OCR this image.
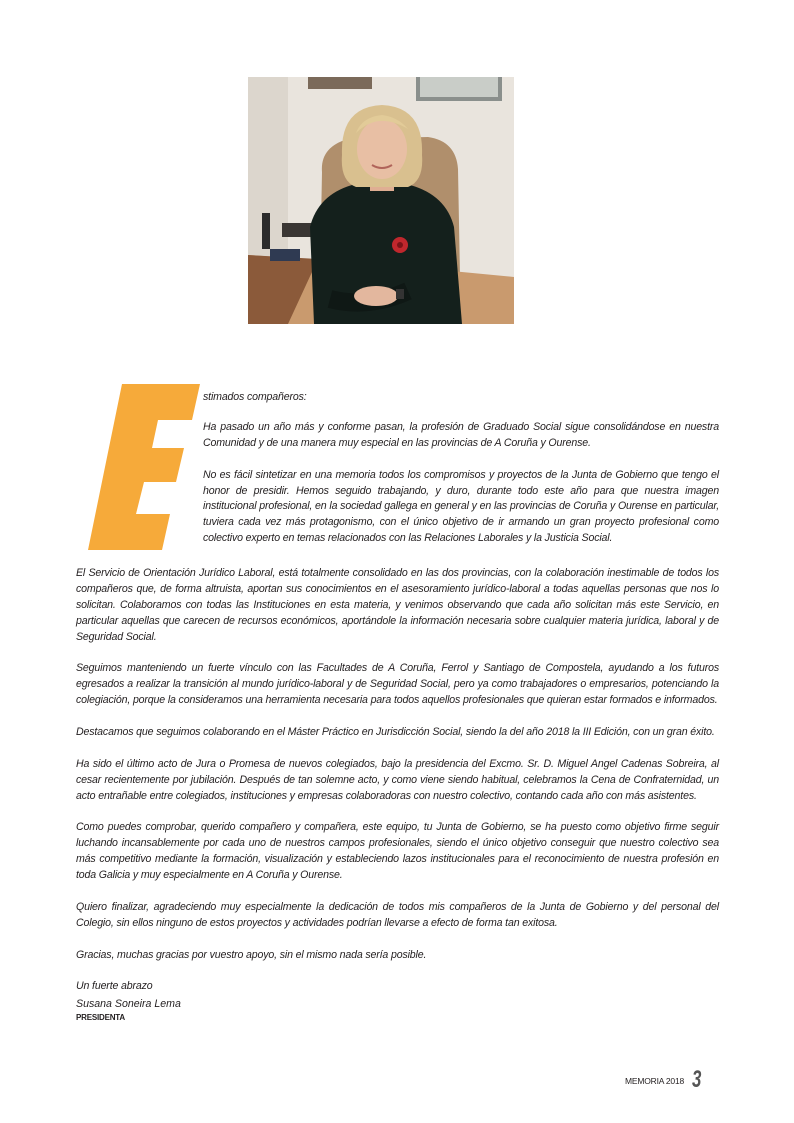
stimados compañeros:

Ha pasado un año más y conforme pasan, la profesión de Graduado Social sigue consolidándose en nuestra Comunidad y de una manera muy especial en las provincias de A Coruña y Ourense.

No es fácil sintetizar en una memoria todos los compromisos y proyectos de la Junta de Gobierno que tengo el honor de presidir. Hemos seguido trabajando, y duro, durante todo este año para que nuestra imagen institucional profesional, en la sociedad gallega en general y en las provincias de Coruña y Ourense en particular, tuviera cada vez más protagonismo, con el único objetivo de ir armando un gran proyecto profesional como colectivo experto en temas relacionados con las Relaciones Laborales y la Justicia Social.

El Servicio de Orientación Jurídico Laboral, está totalmente consolidado en las dos provincias, con la colaboración inestimable de todos los compañeros que, de forma altruista, aportan sus conocimientos en el asesoramiento jurídico-laboral a todas aquellas personas que nos lo solicitan. Colaboramos con todas las Instituciones en esta materia, y venimos observando que cada año solicitan más este Servicio, en particular aquellas que carecen de recursos económicos, aportándole la información necesaria sobre cualquier materia jurídica, laboral y de Seguridad Social.

Seguimos manteniendo un fuerte vínculo con las Facultades de A Coruña, Ferrol y Santiago de Compostela, ayudando a los futuros egresados a realizar la transición al mundo jurídico-laboral y de Seguridad Social, pero ya como trabajadores o empresarios, potenciando la colegiación, porque la consideramos una herramienta necesaria para todos aquellos profesionales que quieran estar formados e informados.

Destacamos que seguimos colaborando en el Máster Práctico en Jurisdicción Social, siendo la del año 2018 la III Edición, con un gran éxito.

Ha sido el último acto de Jura o Promesa de nuevos colegiados, bajo la presidencia del Excmo. Sr. D. Miguel Angel Cadenas Sobreira, al cesar recientemente por jubilación. Después de tan solemne acto, y como viene siendo habitual, celebramos la Cena de Confraternidad, un acto entrañable entre colegiados, instituciones y empresas colaboradoras con nuestro colectivo, contando cada año con más asistentes.

Como puedes comprobar, querido compañero y compañera, este equipo, tu Junta de Gobierno, se ha puesto como objetivo firme seguir luchando incansablemente por cada uno de nuestros campos profesionales, siendo el único objetivo conseguir que nuestro colectivo sea más competitivo mediante la formación, visualización y estableciendo lazos institucionales para el reconocimiento de nuestra profesión en toda Galicia y muy especialmente en A Coruña y Ourense.

Quiero finalizar, agradeciendo muy especialmente la dedicación de todos mis compañeros de la Junta de Gobierno y del personal del Colegio, sin ellos ninguno de estos proyectos y actividades podrían llevarse a efecto de forma tan exitosa.

Gracias, muchas gracias por vuestro apoyo, sin el mismo nada sería posible.

Un fuerte abrazo

Susana Soneira Lema
PRESIDENTA
MEMORIA 2018 3
